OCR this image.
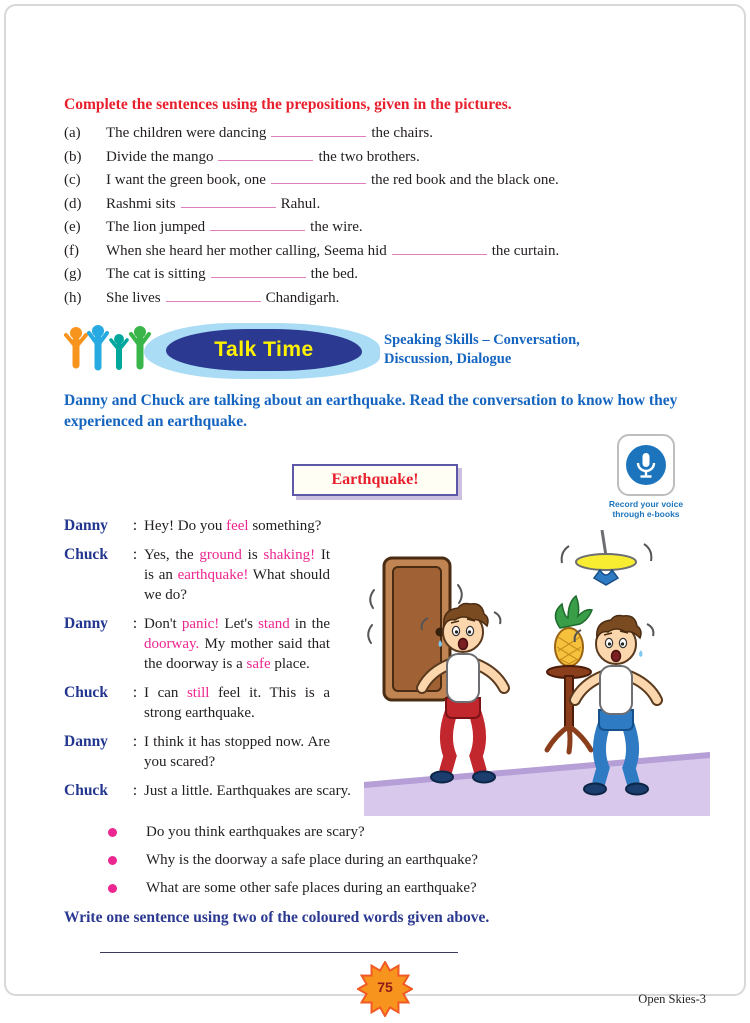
Complete the sentences using the prepositions, given in the pictures.
(a)	The children were dancing	the chairs.
(b)	Divide the mango	the two brothers.
(c)	I want the green book, one	the red book and the black one.
(d)	Rashmi sits	Rahul.
(e)	The lion jumped	the wire.
(f)	When she heard her mother calling, Seema hid	the curtain.
(g)	The cat is sitting	the bed.
(h)	She lives	Chandigarh.
Talk Time	Speaking Skills – Conversation,
Discussion, Dialogue

Danny and Chuck are talking about an earthquake. Read the conversation to know how they experienced an earthquake.

Earthquake!
Record your voice
through e-books
Danny	: Hey! Do you feel something?

Chuck	: Yes, the ground is shaking! It is an earthquake! What should we do?

Danny	: Don't panic! Let's stand in the doorway. My mother said that the doorway is a safe place.

Chuck	: I can still feel it. This is a strong earthquake.

Danny	: I think it has stopped now. Are you scared?

Chuck	: Just a little. Earthquakes are scary.

Do you think earthquakes are scary?
Why is the doorway a safe place during an earthquake?
What are some other safe places during an earthquake?
Write one sentence using two of the coloured words given above.
75
Open Skies-3
